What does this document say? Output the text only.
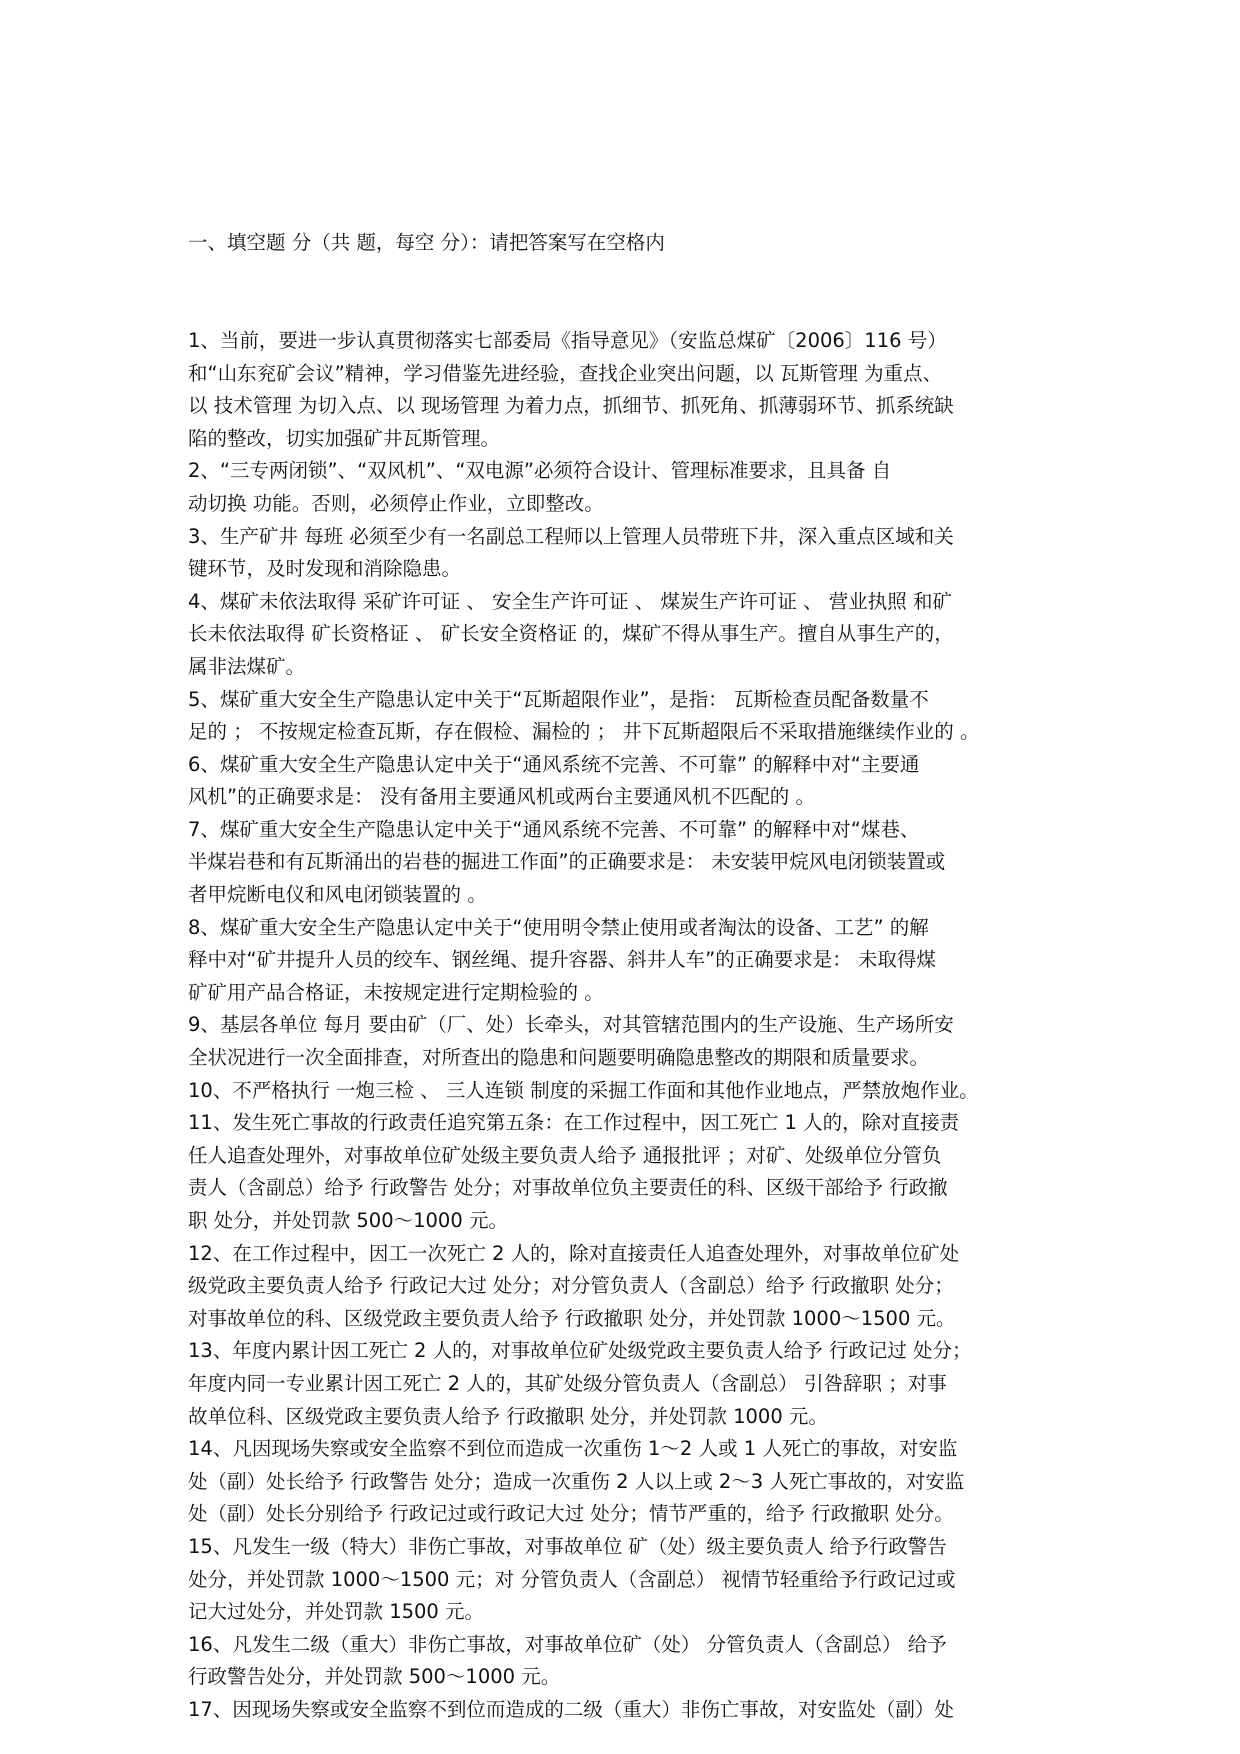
一、填空题 分（共 题，每空 分）：请把答案写在空格内

1、当前，要进一步认真贯彻落实七部委局《指导意见》（安监总煤矿〔2006〕116 号）
和“山东兖矿会议”精神，学习借鉴先进经验，查找企业突出问题，以 瓦斯管理 为重点、
以 技术管理 为切入点、以 现场管理 为着力点，抓细节、抓死角、抓薄弱环节、抓系统缺
陷的整改，切实加强矿井瓦斯管理。

2、“三专两闭锁”、“双风机”、“双电源”必须符合设计、管理标准要求，且具备 自
动切换 功能。否则，必须停止作业，立即整改。

3、生产矿井 每班 必须至少有一名副总工程师以上管理人员带班下井，深入重点区域和关
键环节，及时发现和消除隐患。

4、煤矿未依法取得 采矿许可证 、 安全生产许可证 、 煤炭生产许可证 、 营业执照 和矿
长未依法取得 矿长资格证 、 矿长安全资格证 的，煤矿不得从事生产。擅自从事生产的，
属非法煤矿。

5、煤矿重大安全生产隐患认定中关于“瓦斯超限作业”，是指： 瓦斯检查员配备数量不
足的 ； 不按规定检查瓦斯，存在假检、漏检的 ； 井下瓦斯超限后不采取措施继续作业的 。

6、煤矿重大安全生产隐患认定中关于“通风系统不完善、不可靠” 的解释中对“主要通
风机”的正确要求是： 没有备用主要通风机或两台主要通风机不匹配的 。

7、煤矿重大安全生产隐患认定中关于“通风系统不完善、不可靠” 的解释中对“煤巷、
半煤岩巷和有瓦斯涌出的岩巷的掘进工作面”的正确要求是： 未安装甲烷风电闭锁装置或
者甲烷断电仪和风电闭锁装置的 。

8、煤矿重大安全生产隐患认定中关于“使用明令禁止使用或者淘汰的设备、工艺” 的解
释中对“矿井提升人员的绞车、钢丝绳、提升容器、斜井人车”的正确要求是： 未取得煤
矿矿用产品合格证，未按规定进行定期检验的 。

9、基层各单位 每月 要由矿（厂、处）长牵头，对其管辖范围内的生产设施、生产场所安
全状况进行一次全面排查，对所查出的隐患和问题要明确隐患整改的期限和质量要求。

10、不严格执行 一炮三检 、 三人连锁 制度的采掘工作面和其他作业地点，严禁放炮作业。

11、发生死亡事故的行政责任追究第五条：在工作过程中，因工死亡 1 人的，除对直接责
任人追查处理外，对事故单位矿处级主要负责人给予 通报批评 ；对矿、处级单位分管负
责人（含副总）给予 行政警告 处分；对事故单位负主要责任的科、区级干部给予 行政撤
职 处分，并处罚款 500～1000 元。

12、在工作过程中，因工一次死亡 2 人的，除对直接责任人追查处理外，对事故单位矿处
级党政主要负责人给予 行政记大过 处分；对分管负责人（含副总）给予 行政撤职 处分；
对事故单位的科、区级党政主要负责人给予 行政撤职 处分，并处罚款 1000～1500 元。

13、年度内累计因工死亡 2 人的，对事故单位矿处级党政主要负责人给予 行政记过 处分；
年度内同一专业累计因工死亡 2 人的，其矿处级分管负责人（含副总） 引咎辞职 ；对事
故单位科、区级党政主要负责人给予 行政撤职 处分，并处罚款 1000 元。

14、凡因现场失察或安全监察不到位而造成一次重伤 1～2 人或 1 人死亡的事故，对安监
处（副）处长给予 行政警告 处分；造成一次重伤 2 人以上或 2～3 人死亡事故的，对安监
处（副）处长分别给予 行政记过或行政记大过 处分；情节严重的，给予 行政撤职 处分。

15、凡发生一级（特大）非伤亡事故，对事故单位 矿（处）级主要负责人 给予行政警告
处分，并处罚款 1000～1500 元；对 分管负责人（含副总） 视情节轻重给予行政记过或
记大过处分，并处罚款 1500 元。

16、凡发生二级（重大）非伤亡事故，对事故单位矿（处） 分管负责人（含副总） 给予
行政警告处分，并处罚款 500～1000 元。

17、因现场失察或安全监察不到位而造成的二级（重大）非伤亡事故，对安监处（副）处
